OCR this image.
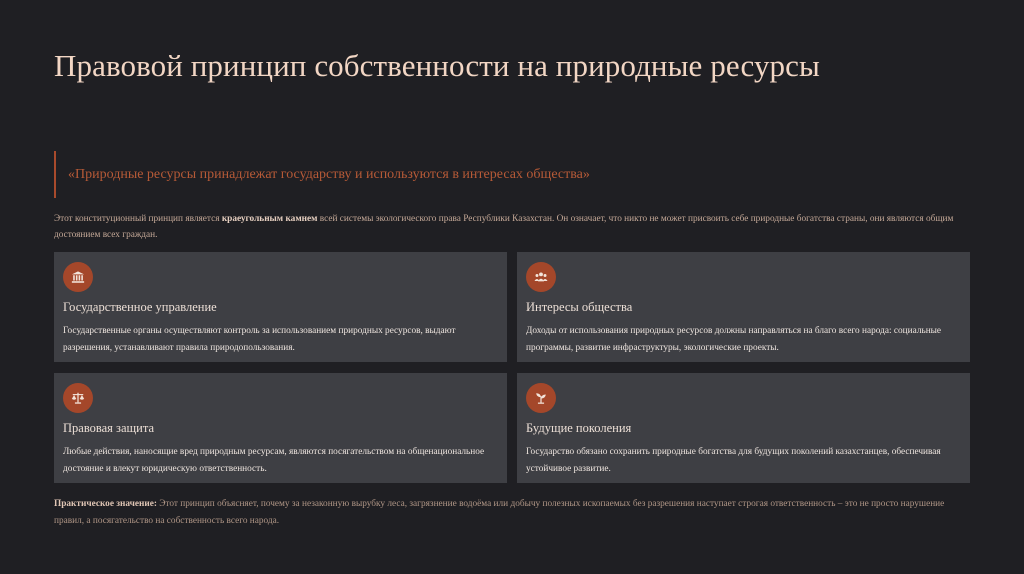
Правовой принцип собственности на природные ресурсы
«Природные ресурсы принадлежат государству и используются в интересах общества»

Этот конституционный принцип является краеугольным камнем всей системы экологического права Республики Казахстан. Он означает, что никто не может присвоить себе природные богатства страны, они являются общим достоянием всех граждан.

Государственное управление

Государственные органы осуществляют контроль за использованием природных ресурсов, выдают разрешения, устанавливают правила природопользования.

Интересы общества

Доходы от использования природных ресурсов должны направляться на благо всего народа: социальные программы, развитие инфраструктуры, экологические проекты.

Правовая защита

Любые действия, наносящие вред природным ресурсам, являются посягательством на общенациональное достояние и влекут юридическую ответственность.

Будущие поколения

Государство обязано сохранить природные богатства для будущих поколений казахстанцев, обеспечивая устойчивое развитие.

Практическое значение: Этот принцип объясняет, почему за незаконную вырубку леса, загрязнение водоёма или добычу полезных ископаемых без разрешения наступает строгая ответственность – это не просто нарушение правил, а посягательство на собственность всего народа.
